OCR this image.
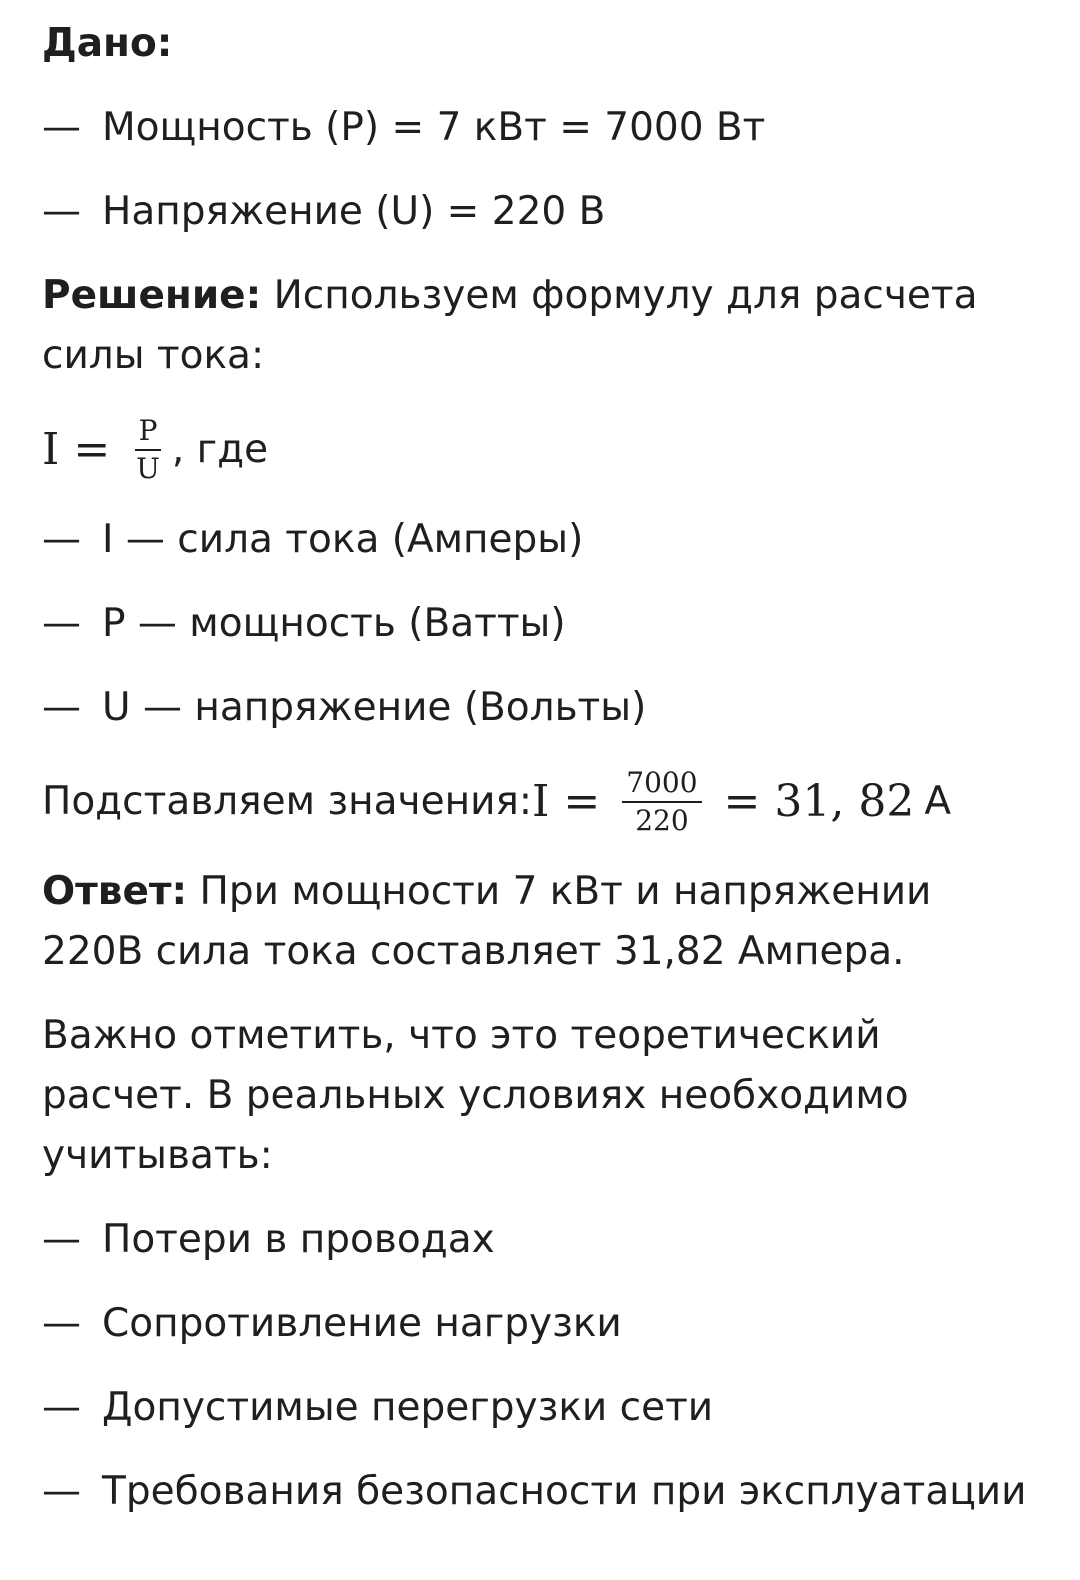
Дано:
— Мощность (P) = 7 кВт = 7000 Вт
— Напряжение (U) = 220 В
Решение: Используем формулу для расчета силы тока:
$I = \frac{P}{U}$ , где
— I — сила тока (Амперы)
— P — мощность (Ватты)
— U — напряжение (Вольты)
Подставляем значения: $I = \frac{7000}{220} = 31$, 82 А
Ответ: При мощности 7 кВт и напряжении 220В сила тока составляет 31,82 Ампера.
Важно отметить, что это теоретический расчет. В реальных условиях необходимо учитывать:
— Потери в проводах
— Сопротивление нагрузки
— Допустимые перегрузки сети
— Требования безопасности при эксплуатации
